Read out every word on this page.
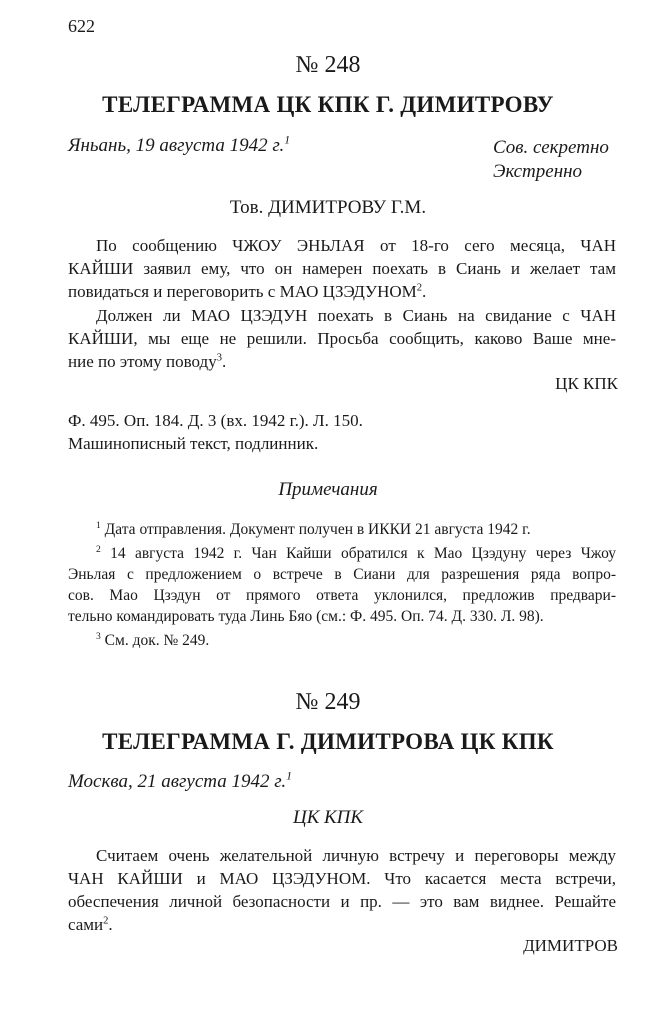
622
№ 248
ТЕЛЕГРАММА ЦК КПК Г. ДИМИТРОВУ
Яньань, 19 августа 1942 г.$^1$	Сов. секретно
Экстренно
Тов. ДИМИТРОВУ Г.М.
По сообщению ЧЖОУ ЭНЬЛАЯ от 18-го сего месяца, ЧАН
КАЙШИ заявил ему, что он намерен поехать в Сиань и желает там
повидаться и переговорить с МАО ЦЗЭДУНОМ$^2$.
Должен ли МАО ЦЗЭДУН поехать в Сиань на свидание с ЧАН
КАЙШИ, мы еще не решили. Просьба сообщить, каково Ваше мне-
ние по этому поводу$^3$.
ЦК КПК
Ф. 495. Оп. 184. Д. 3 (вх. 1942 г.). Л. 150.
Машинописный текст, подлинник.
Примечания
$^1$ Дата отправления. Документ получен в ИККИ 21 августа 1942 г.
$^2$ 14 августа 1942 г. Чан Кайши обратился к Мао Цзэдуну через Чжоу
Эньлая с предложением о встрече в Сиани для разрешения ряда вопро-
сов. Мао Цзэдун от прямого ответа уклонился, предложив предвари-
тельно командировать туда Линь Бяо (см.: Ф. 495. Оп. 74. Д. 330. Л. 98).
$^3$ См. док. № 249.
№ 249
ТЕЛЕГРАММА Г. ДИМИТРОВА ЦК КПК
Москва, 21 августа 1942 г.$^1$
ЦК КПК
Считаем очень желательной личную встречу и переговоры между
ЧАН КАЙШИ и МАО ЦЗЭДУНОМ. Что касается места встречи,
обеспечения личной безопасности и пр. — это вам виднее. Решайте
сами$^2$.
ДИМИТРОВ
